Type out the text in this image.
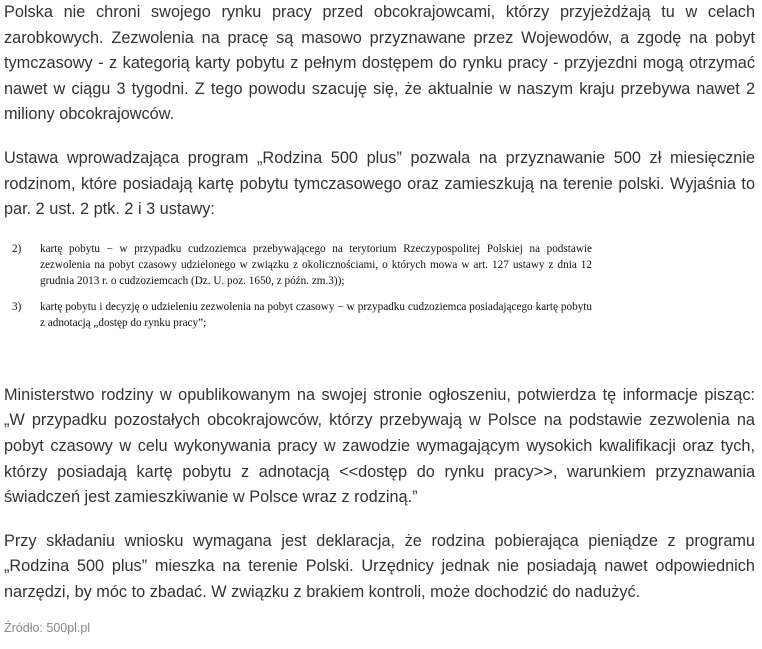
Polska nie chroni swojego rynku pracy przed obcokrajowcami, którzy przyjeżdżają tu w celach zarobkowych. Zezwolenia na pracę są masowo przyznawane przez Wojewodów, a zgodę na pobyt tymczasowy - z kategorią karty pobytu z pełnym dostępem do rynku pracy - przyjezdni mogą otrzymać nawet w ciągu 3 tygodni. Z tego powodu szacuję się, że aktualnie w naszym kraju przebywa nawet 2 miliony obcokrajowców.

Ustawa wprowadzająca program „Rodzina 500 plus” pozwala na przyznawanie 500 zł miesięcznie rodzinom, które posiadają kartę pobytu tymczasowego oraz zamieszkują na terenie polski. Wyjaśnia to par. 2 ust. 2 ptk. 2 i 3 ustawy:

2)	kartę pobytu − w przypadku cudzoziemca przebywającego na terytorium Rzeczypospolitej Polskiej na podstawie zezwolenia na pobyt czasowy udzielonego w związku z okolicznościami, o których mowa w art. 127 ustawy z dnia 12 grudnia 2013 r. o cudzoziemcach (Dz. U. poz. 1650, z późn. zm.3));
3)	kartę pobytu i decyzję o udzieleniu zezwolenia na pobyt czasowy − w przypadku cudzoziemca posiadającego kartę pobytu z adnotacją „dostęp do rynku pracy”;

Ministerstwo rodziny w opublikowanym na swojej stronie ogłoszeniu, potwierdza tę informacje pisząc: „W przypadku pozostałych obcokrajowców, którzy przebywają w Polsce na podstawie zezwolenia na pobyt czasowy w celu wykonywania pracy w zawodzie wymagającym wysokich kwalifikacji oraz tych, którzy posiadają kartę pobytu z adnotacją <<dostęp do rynku pracy>>, warunkiem przyznawania świadczeń jest zamieszkiwanie w Polsce wraz z rodziną.”

Przy składaniu wniosku wymagana jest deklaracja, że rodzina pobierająca pieniądze z programu „Rodzina 500 plus” mieszka na terenie Polski. Urzędnicy jednak nie posiadają nawet odpowiednich narzędzi, by móc to zbadać. W związku z brakiem kontroli, może dochodzić do nadużyć.

Źródło: 500pl.pl
